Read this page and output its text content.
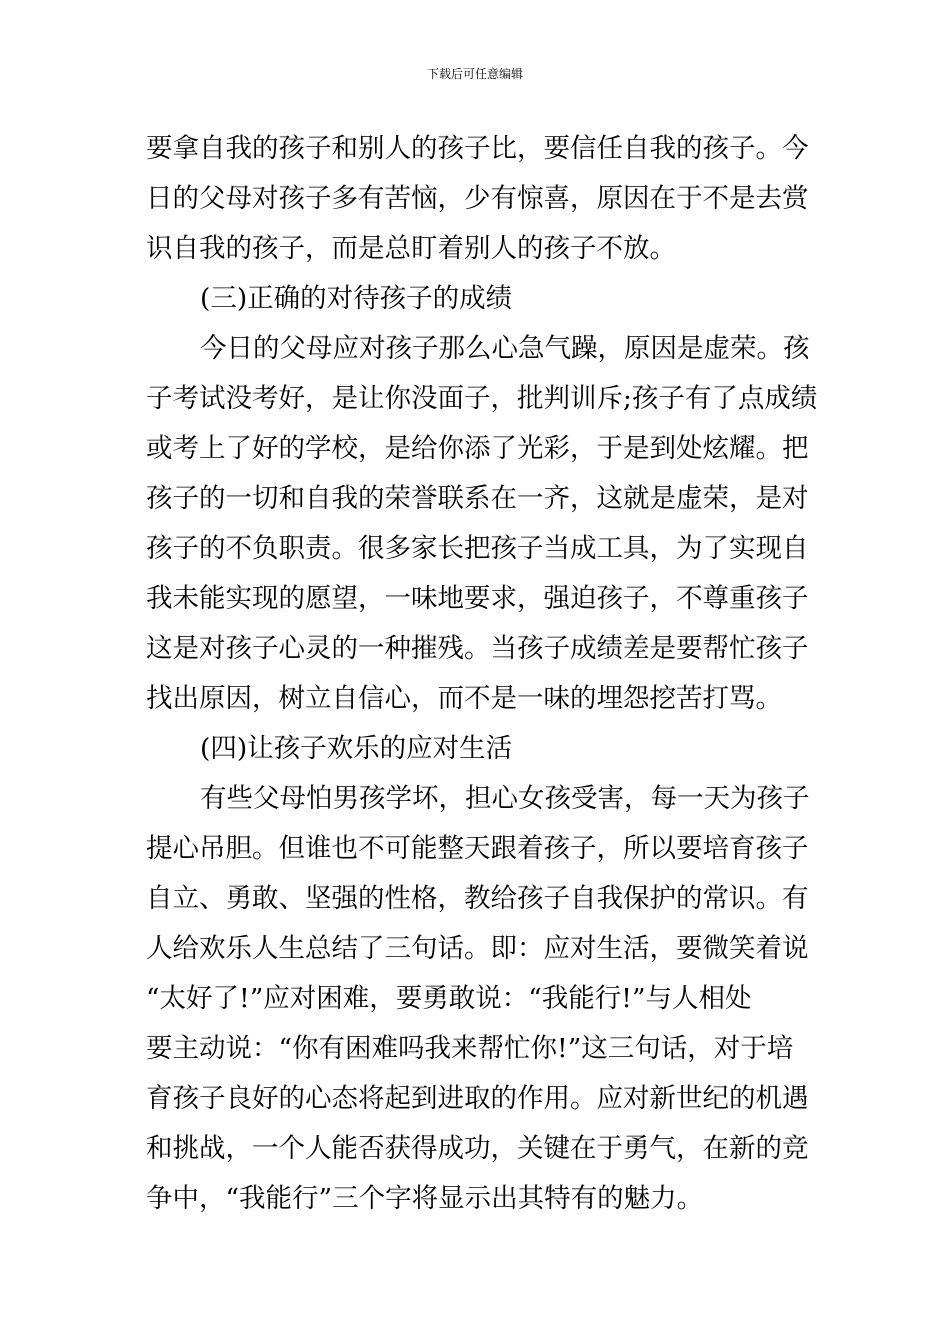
下载后可任意编辑
要拿自我的孩子和别人的孩子比，要信任自我的孩子。今
日的父母对孩子多有苦恼，少有惊喜，原因在于不是去赏
识自我的孩子，而是总盯着别人的孩子不放。
(三)正确的对待孩子的成绩
今日的父母应对孩子那么心急气躁，原因是虚荣。孩
子考试没考好，是让你没面子，批判训斥;孩子有了点成绩
或考上了好的学校，是给你添了光彩，于是到处炫耀。把
孩子的一切和自我的荣誉联系在一齐，这就是虚荣，是对
孩子的不负职责。很多家长把孩子当成工具，为了实现自
我未能实现的愿望，一味地要求，强迫孩子，不尊重孩子
这是对孩子心灵的一种摧残。当孩子成绩差是要帮忙孩子
找出原因，树立自信心，而不是一味的埋怨挖苦打骂。
(四)让孩子欢乐的应对生活
有些父母怕男孩学坏，担心女孩受害，每一天为孩子
提心吊胆。但谁也不可能整天跟着孩子，所以要培育孩子
自立、勇敢、坚强的性格，教给孩子自我保护的常识。有
人给欢乐人生总结了三句话。即：应对生活，要微笑着说
“太好了!”应对困难，要勇敢说：“我能行!”与人相处
要主动说：“你有困难吗我来帮忙你!”这三句话，对于培
育孩子良好的心态将起到进取的作用。应对新世纪的机遇
和挑战，一个人能否获得成功，关键在于勇气，在新的竞
争中，“我能行”三个字将显示出其特有的魅力。
